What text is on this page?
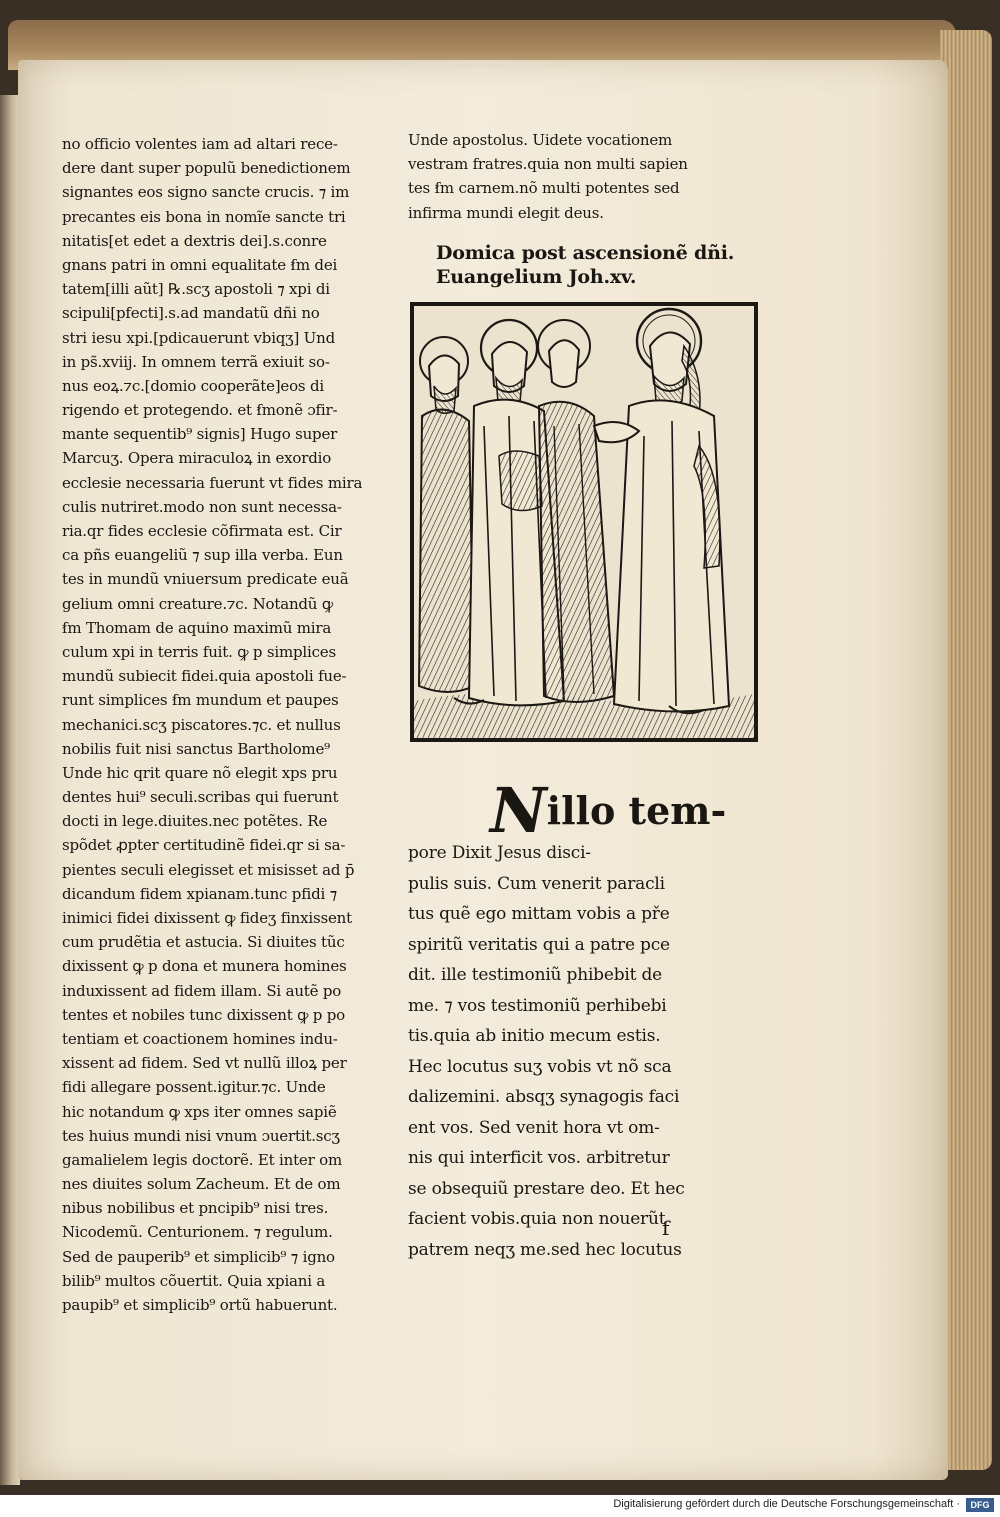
no officio volentes iam ad altari rece-
dere dant super populũ benedictionem
signantes eos signo sancte crucis. ⁊ im
precantes eis bona in nomĩe sancte tri
nitatis[et edet a dextris dei].s.conre
gnans patri in omni equalitate ẜm dei
tatem[illi aũt] ℞.scʒ apostoli ⁊ xpi di
scipuli[pfecti].s.ad mandatũ dñi no
stri iesu xpi.[pdicauerunt vbiqʒ] Und
in ps̃.xviij. In omnem terrã exiuit so-
nus eoꝝ.⁊c.[domio cooperãte]eos di
rigendo et protegendo. et ẜmonẽ ɔfir-
mante sequentib⁹ signis] Hugo super
Marcuʒ. Opera miraculoꝝ in exordio
ecclesie necessaria fuerunt vt fides mira
culis nutriret.modo non sunt necessa-
ria.qr fides ecclesie cõfirmata est. Cir
ca pñs euangeliũ ⁊ sup illa verba. Eun
tes in mundũ vniuersum predicate euã
gelium omni creature.⁊c. Notandũ ꝙ
ẜm Thomam de aquino maximũ mira
culum xpi in terris fuit. ꝙ p simplices
mundũ subiecit fidei.quia apostoli fue-
runt simplices ẜm mundum et paupes
mechanici.scʒ piscatores.⁊c. et nullus
nobilis fuit nisi sanctus Bartholome⁹
Unde hic qrit quare nõ elegit xps pru
dentes hui⁹ seculi.scribas qui fuerunt
docti in lege.diuites.nec potẽtes. Re
spõdet ꝓpter certitudinẽ fidei.qr si sa-
pientes seculi elegisset et misisset ad p̄
dicandum fidem xpianam.tunc pfidi ⁊
inimici fidei dixissent ꝙ fideʒ finxissent
cum prudẽtia et astucia. Si diuites tũc
dixissent ꝙ p dona et munera homines
induxissent ad fidem illam. Si autẽ po
tentes et nobiles tunc dixissent ꝙ p po
tentiam et coactionem homines indu-
xissent ad fidem. Sed vt nullũ illoꝝ per
fidi allegare possent.igitur.⁊c. Unde
hic notandum ꝙ xps iter omnes sapiẽ
tes huius mundi nisi vnum ɔuertit.scʒ
gamalielem legis doctorẽ. Et inter om
nes diuites solum Zacheum. Et de om
nibus nobilibus et pncipib⁹ nisi tres.
Nicodemũ. Centurionem. ⁊ regulum.
Sed de pauperib⁹ et simplicib⁹ ⁊ igno
bilib⁹ multos cõuertit. Quia xpiani a
paupib⁹ et simplicib⁹ ortũ habuerunt.
Unde apostolus. Uidete vocationem
vestram fratres.quia non multi sapien
tes ẜm carnem.nõ multi potentes sed
infirma mundi elegit deus.
Domica post ascensionẽ dñi.
Euangelium Joh.xv.
Nillo tem-
pore Dixit Jesus disci-
pulis suis. Cum venerit paracli
tus quẽ ego mittam vobis a pře
spiritũ veritatis qui a patre pce
dit. ille testimoniũ phibebit de
me. ⁊ vos testimoniũ perhibebi
tis.quia ab initio mecum estis.
Hec locutus suʒ vobis vt nõ sca
dalizemini. absqʒ synagogis faci
ent vos. Sed venit hora vt om-
nis qui interficit vos. arbitretur
se obsequiũ prestare deo. Et hec
facient vobis.quia non nouerũt
patrem neqʒ me.sed hec locutus
f
Digitalisierung gefördert durch die Deutsche Forschungsgemeinschaft ·	DFG
